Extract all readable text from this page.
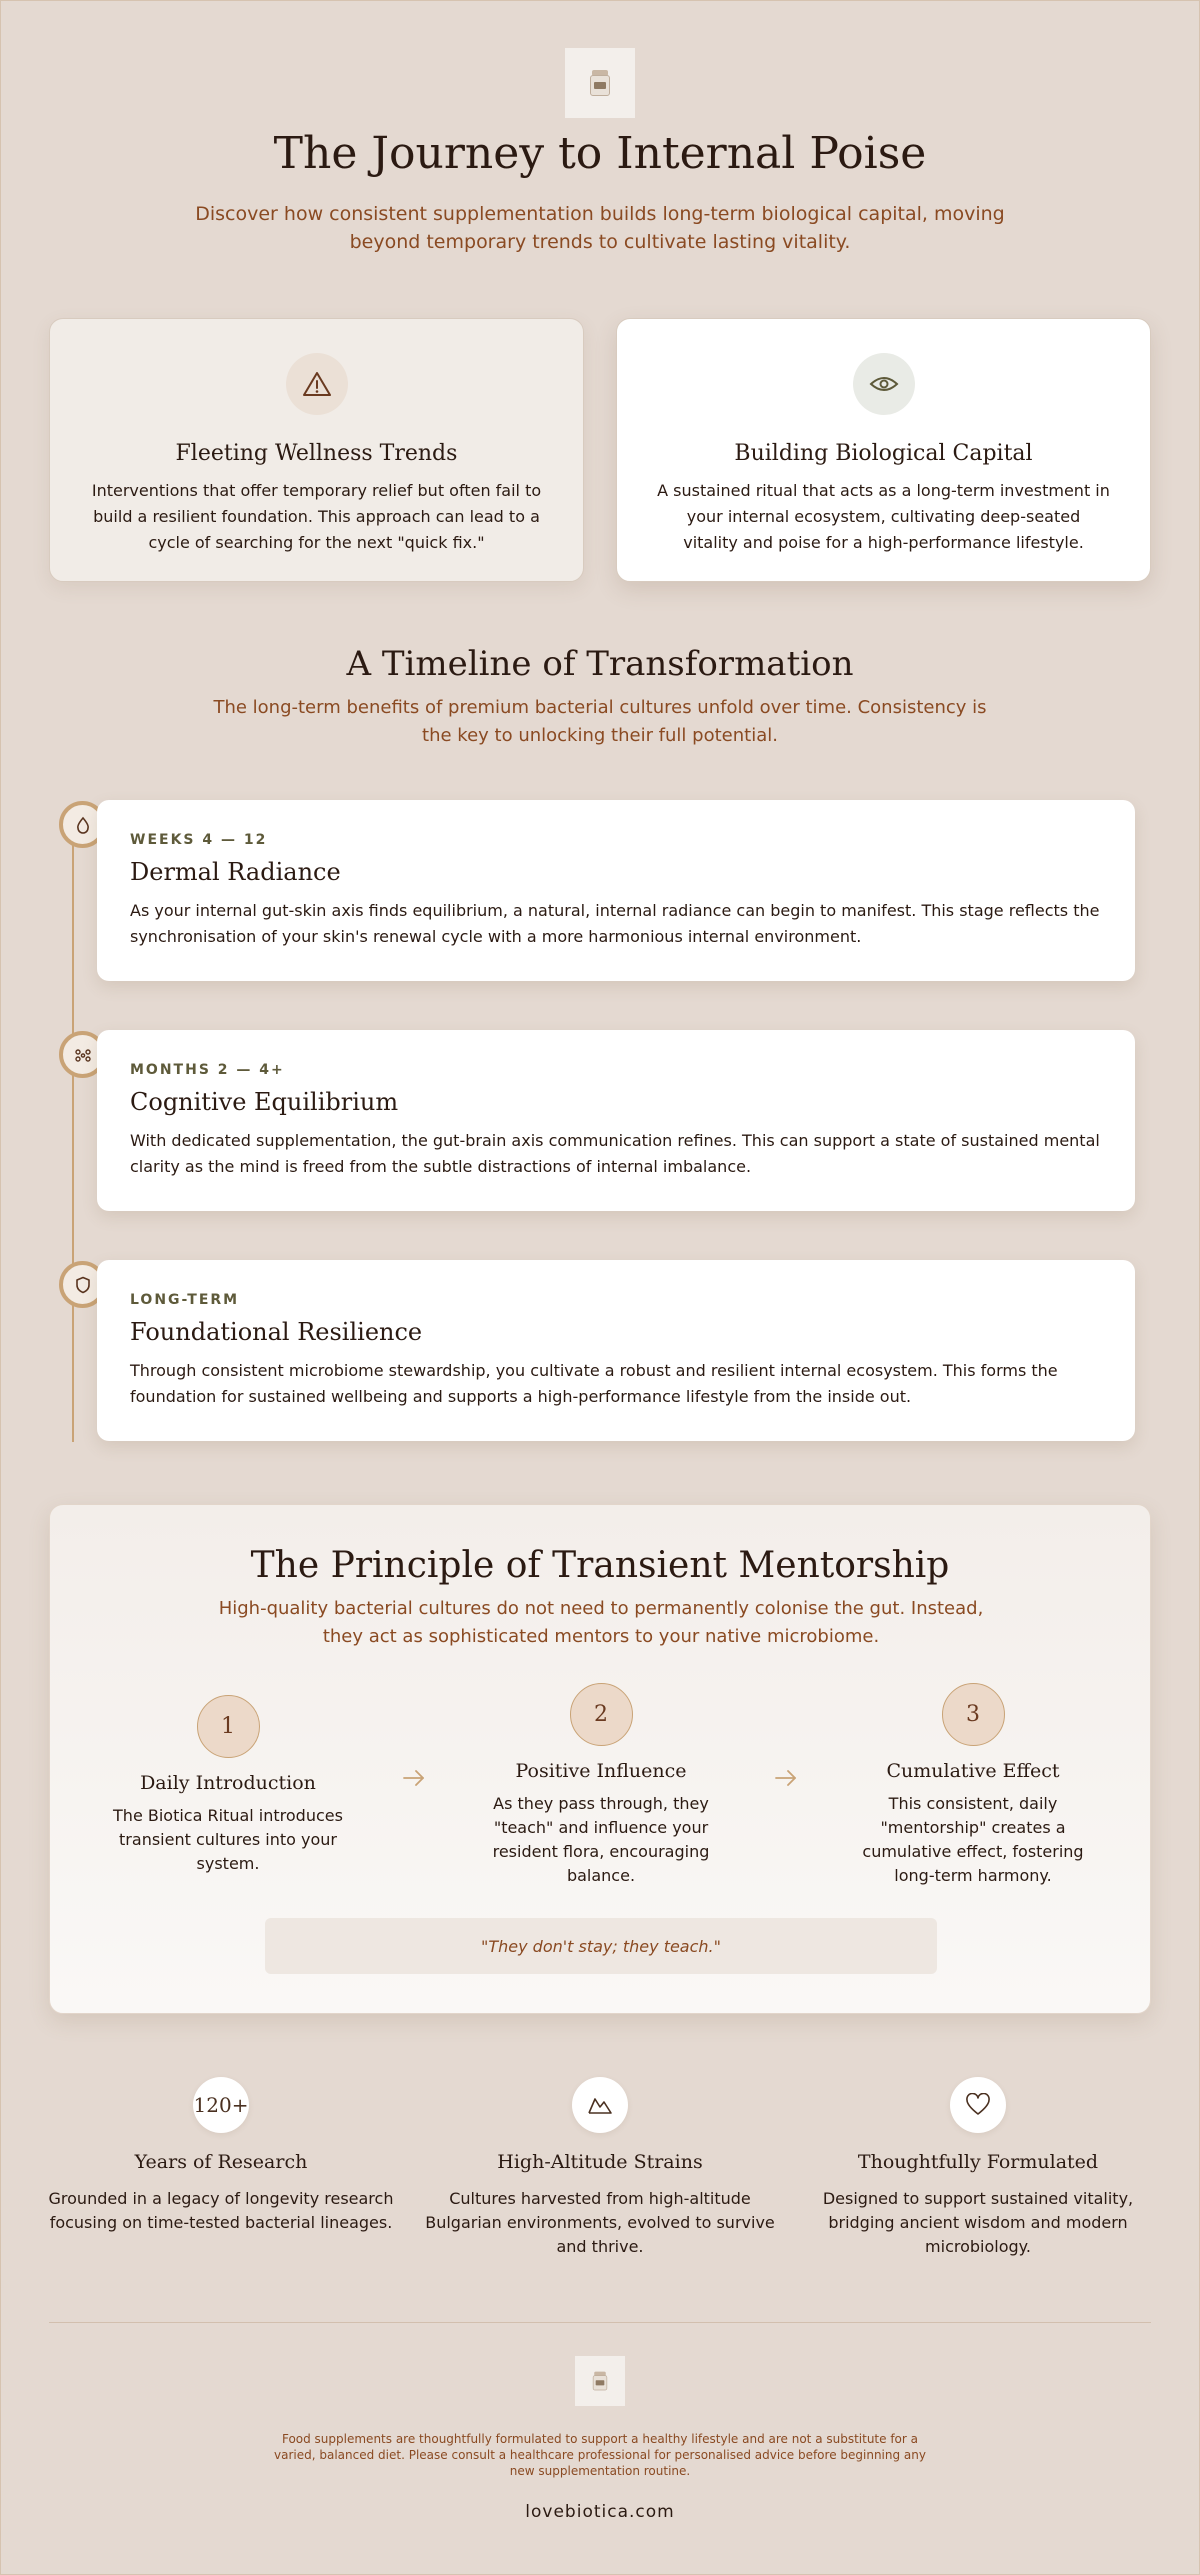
The Journey to Internal Poise

Discover how consistent supplementation builds long-term biological capital, moving beyond temporary trends to cultivate lasting vitality.

Fleeting Wellness Trends

Interventions that offer temporary relief but often fail to build a resilient foundation. This approach can lead to a cycle of searching for the next "quick fix."

Building Biological Capital

A sustained ritual that acts as a long-term investment in your internal ecosystem, cultivating deep-seated vitality and poise for a high-performance lifestyle.

A Timeline of Transformation

The long-term benefits of premium bacterial cultures unfold over time. Consistency is the key to unlocking their full potential.

WEEKS 4 — 12
Dermal Radiance

As your internal gut-skin axis finds equilibrium, a natural, internal radiance can begin to manifest. This stage reflects the synchronisation of your skin's renewal cycle with a more harmonious internal environment.

MONTHS 2 — 4+
Cognitive Equilibrium

With dedicated supplementation, the gut-brain axis communication refines. This can support a state of sustained mental clarity as the mind is freed from the subtle distractions of internal imbalance.

LONG-TERM
Foundational Resilience

Through consistent microbiome stewardship, you cultivate a robust and resilient internal ecosystem. This forms the foundation for sustained wellbeing and supports a high-performance lifestyle from the inside out.

The Principle of Transient Mentorship

High-quality bacterial cultures do not need to permanently colonise the gut. Instead, they act as sophisticated mentors to your native microbiome.

1
Daily Introduction

The Biotica Ritual introduces transient cultures into your system.

2
Positive Influence

As they pass through, they "teach" and influence your resident flora, encouraging balance.

3
Cumulative Effect

This consistent, daily "mentorship" creates a cumulative effect, fostering long-term harmony.

"They don't stay; they teach."
120+
Years of Research

Grounded in a legacy of longevity research focusing on time-tested bacterial lineages.

High-Altitude Strains

Cultures harvested from high-altitude Bulgarian environments, evolved to survive and thrive.

Thoughtfully Formulated

Designed to support sustained vitality, bridging ancient wisdom and modern microbiology.

Food supplements are thoughtfully formulated to support a healthy lifestyle and are not a substitute for a varied, balanced diet. Please consult a healthcare professional for personalised advice before beginning any new supplementation routine.

lovebiotica.com
